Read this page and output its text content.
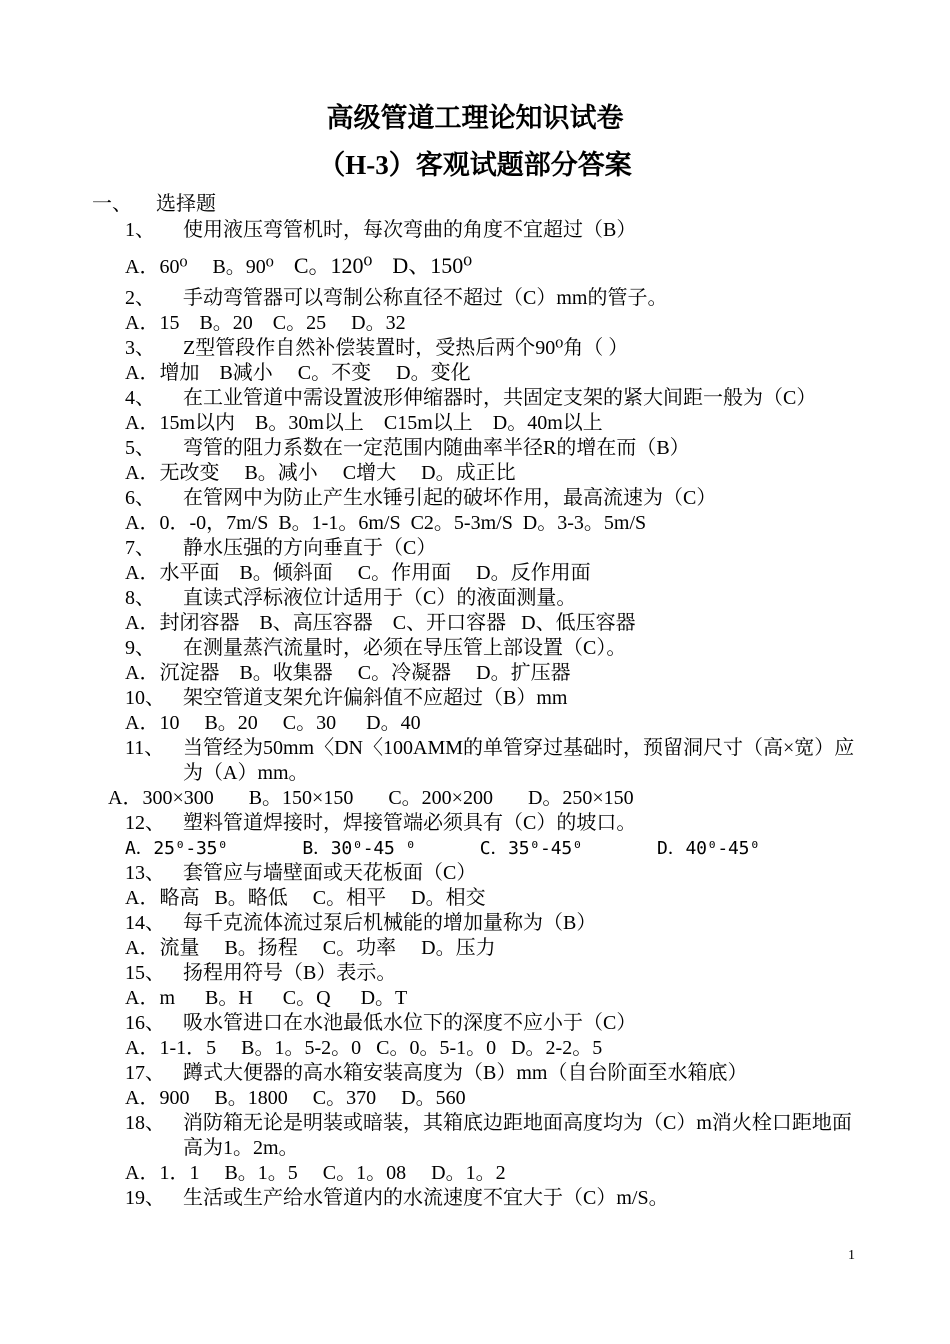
高级管道工理论知识试卷
（H-3）客观试题部分答案
一、 选择题
1、 使用液压弯管机时，每次弯曲的角度不宜超过（B）
A．60⁰ B。90⁰ C。120⁰ D、150⁰
2、 手动弯管器可以弯制公称直径不超过（C）mm的管子。
A．15    B。20    C。25     D。32
3、 Z型管段作自然补偿装置时，受热后两个90⁰角（ ）
A．增加    B减小     C。不变     D。变化
4、 在工业管道中需设置波形伸缩器时，共固定支架的紧大间距一般为（C）
A．15m以内    B。30m以上    C15m以上    D。40m以上
5、 弯管的阻力系数在一定范围内随曲率半径R的增在而（B）
A．无改变     B。减小     C增大     D。成正比
6、 在管网中为防止产生水锤引起的破坏作用，最高流速为（C）
A．0．-0，7m/S  B。1-1。6m/S  C2。5-3m/S  D。3-3。5m/S
7、 静水压强的方向垂直于（C）
A．水平面    B。倾斜面     C。作用面     D。反作用面
8、 直读式浮标液位计适用于（C）的液面测量。
A．封闭容器    B、高压容器    C、开口容器   D、低压容器
9、 在测量蒸汽流量时，必须在导压管上部设置（C）。
A．沉淀器    B。收集器     C。冷凝器     D。扩压器
10、 架空管道支架允许偏斜值不应超过（B）mm
A．10     B。20     C。30      D。40
11、 当管经为50mm〈DN〈100AMM的单管穿过基础时，预留洞尺寸（高×宽）应为（A）mm。
A．300×300       B。150×150       C。200×200       D。250×150
12、 塑料管道焊接时，焊接管端必须具有（C）的坡口。
A．25⁰-35⁰       B．30⁰-45 ⁰      C．35⁰-45⁰       D．40⁰-45⁰
13、 套管应与墙壁面或天花板面（C）
A．略高   B。略低     C。相平     D。相交
14、 每千克流体流过泵后机械能的增加量称为（B）
A．流量     B。扬程     C。功率     D。压力
15、 扬程用符号（B）表示。
A．m      B。H      C。Q      D。T
16、 吸水管进口在水池最低水位下的深度不应小于（C）
A．1-1．5     B。1。5-2。0   C。0。5-1。0   D。2-2。5
17、 蹲式大便器的高水箱安装高度为（B）mm（自台阶面至水箱底）
A．900     B。1800     C。370     D。560
18、 消防箱无论是明装或暗装，其箱底边距地面高度均为（C）m消火栓口距地面高为1。2m。
A．1．1     B。1。5     C。1。08     D。1。2
19、 生活或生产给水管道内的水流速度不宜大于（C）m/S。
1
